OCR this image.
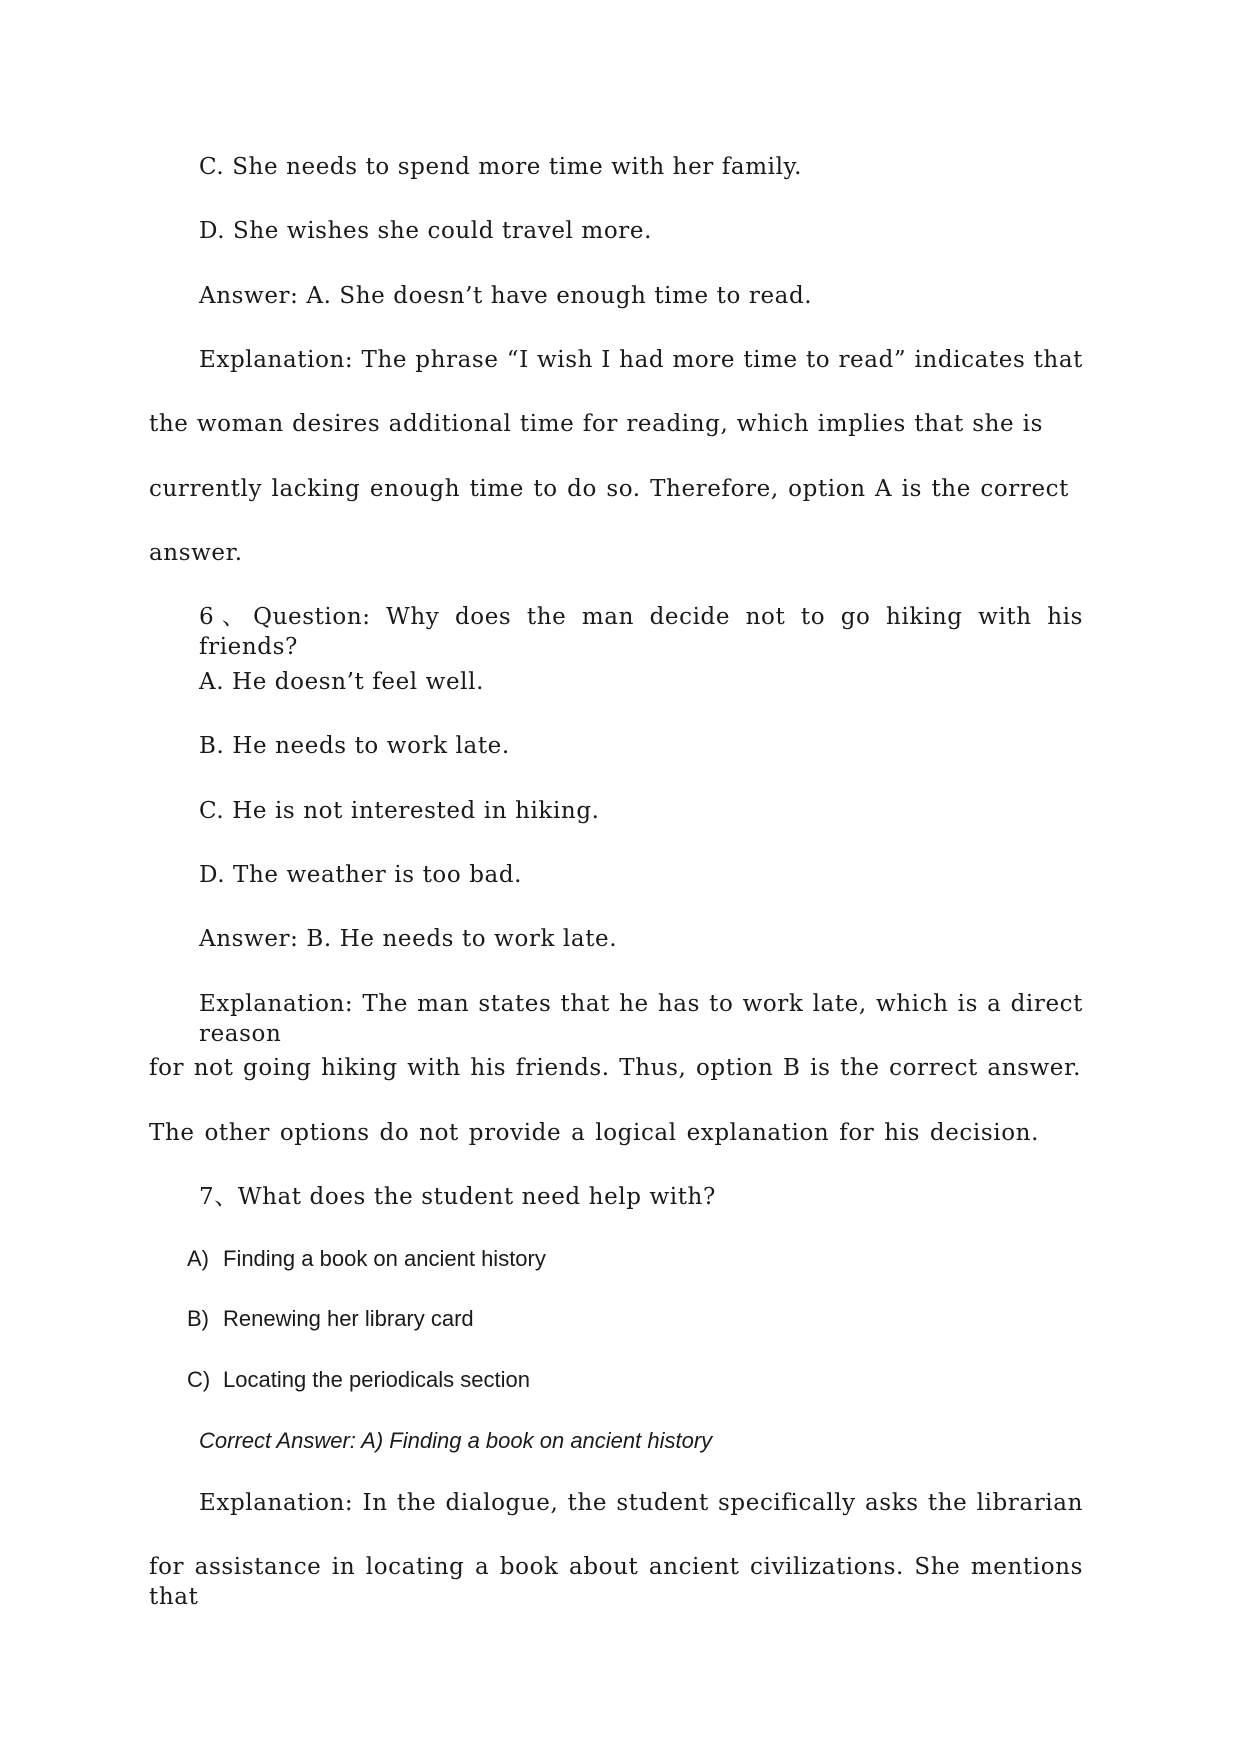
C. She needs to spend more time with her family.
D. She wishes she could travel more.
Answer: A. She doesn’t have enough time to read.
Explanation: The phrase “I wish I had more time to read” indicates that
the woman desires additional time for reading, which implies that she is
currently lacking enough time to do so. Therefore, option A is the correct
answer.
6、Question: Why does the man decide not to go hiking with his friends?
A. He doesn’t feel well.
B. He needs to work late.
C. He is not interested in hiking.
D. The weather is too bad.
Answer: B. He needs to work late.
Explanation: The man states that he has to work late, which is a direct reason
for not going hiking with his friends. Thus, option B is the correct answer.
The other options do not provide a logical explanation for his decision.
7、What does the student need help with?
A) Finding a book on ancient history
B) Renewing her library card
C) Locating the periodicals section
Correct Answer: A) Finding a book on ancient history
Explanation: In the dialogue, the student specifically asks the librarian
for assistance in locating a book about ancient civilizations. She mentions that
